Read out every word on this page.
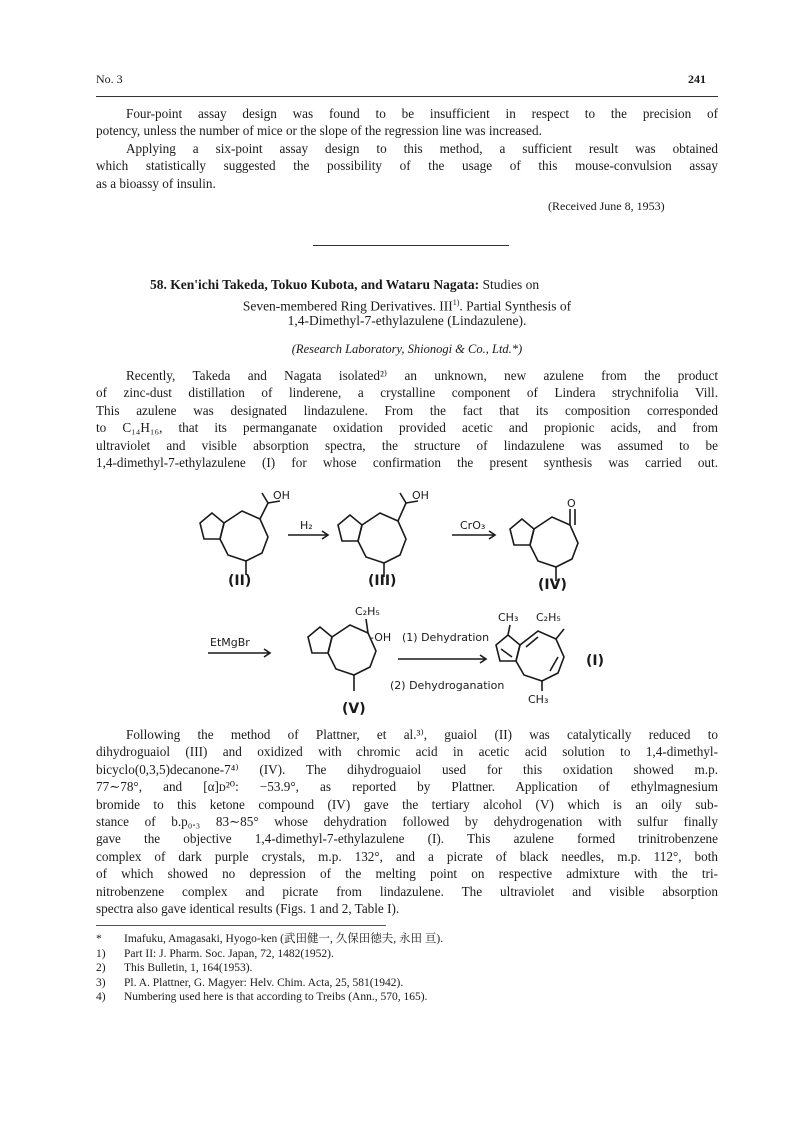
No. 3	241
Four-point assay design was found to be insufficient in respect to the precision of
potency, unless the number of mice or the slope of the regression line was increased.
Applying a six-point assay design to this method, a sufficient result was obtained
which statistically suggested the possibility of the usage of this mouse-convulsion assay
as a bioassy of insulin.
(Received June 8, 1953)
58. Ken'ichi Takeda, Tokuo Kubota, and Wataru Nagata: Studies on
Seven-membered Ring Derivatives. III$^{1)}$. Partial Synthesis of
1,4-Dimethyl-7-ethylazulene (Lindazulene).
(Research Laboratory, Shionogi & Co., Ltd.*)
Recently, Takeda and Nagata isolated²⁾ an unknown, new azulene from the product
of zinc-dust distillation of linderene, a crystalline component of Lindera strychnifolia Vill.
This azulene was designated lindazulene. From the fact that its composition corresponded
to C₁₄H₁₆, that its permanganate oxidation provided acetic and propionic acids, and from
ultraviolet and visible absorption spectra, the structure of lindazulene was assumed to be
1,4-dimethyl-7-ethylazulene (I) for whose confirmation the present synthesis was carried out.
OH	OH
O
H₂	CrO₃
EtMgBr
C₂H₅
-OH (1) Dehydration
(2) Dehydroganation
CH₃ C₂H₅
CH₃
(II)	(III)	(IV)
(V)
(I)
Following the method of Plattner, et al.³⁾, guaiol (II) was catalytically reduced to
dihydroguaiol (III) and oxidized with chromic acid in acetic acid solution to 1,4-dimethyl-
bicyclo(0,3,5)decanone-7⁴⁾ (IV). The dihydroguaiol used for this oxidation showed m.p.
77∼78°, and [α]ᴅ²⁰: −53.9°, as reported by Plattner. Application of ethylmagnesium
bromide to this ketone compound (IV) gave the tertiary alcohol (V) which is an oily sub-
stance of b.p₀.₃ 83∼85° whose dehydration followed by dehydrogenation with sulfur finally
gave the objective 1,4-dimethyl-7-ethylazulene (I). This azulene formed trinitrobenzene
complex of dark purple crystals, m.p. 132°, and a picrate of black needles, m.p. 112°, both
of which showed no depression of the melting point on respective admixture with the tri-
nitrobenzene complex and picrate from lindazulene. The ultraviolet and visible absorption
spectra also gave identical results (Figs. 1 and 2, Table I).
* Imafuku, Amagasaki, Hyogo-ken (武田健一, 久保田徳夫, 永田 亘).
1) Part II: J. Pharm. Soc. Japan, 72, 1482(1952).
2) This Bulletin, 1, 164(1953).
3) Pl. A. Plattner, G. Magyer: Helv. Chim. Acta, 25, 581(1942).
4) Numbering used here is that according to Treibs (Ann., 570, 165).
